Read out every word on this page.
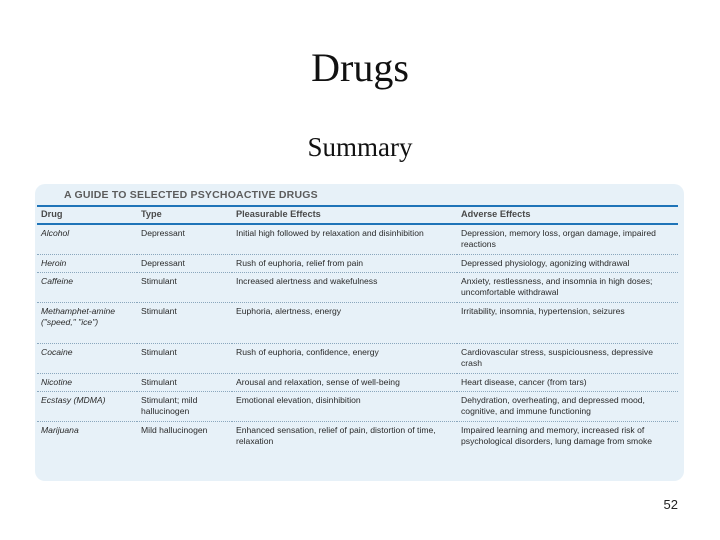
Drugs
Summary
A GUIDE TO SELECTED PSYCHOACTIVE DRUGS
Drug	Type	Pleasurable Effects	Adverse Effects
Alcohol	Depressant	Initial high followed by relaxation and disinhibition	Depression, memory loss, organ damage, impaired reactions
Heroin	Depressant	Rush of euphoria, relief from pain	Depressed physiology, agonizing withdrawal
Caffeine	Stimulant	Increased alertness and wakefulness	Anxiety, restlessness, and insomnia in high doses; uncomfortable withdrawal
Methamphet-amine ("speed," "ice")	Stimulant	Euphoria, alertness, energy	Irritability, insomnia, hypertension, seizures
Cocaine	Stimulant	Rush of euphoria, confidence, energy	Cardiovascular stress, suspiciousness, depressive crash
Nicotine	Stimulant	Arousal and relaxation, sense of well-being	Heart disease, cancer (from tars)
Ecstasy (MDMA)	Stimulant; mild hallucinogen	Emotional elevation, disinhibition	Dehydration, overheating, and depressed mood, cognitive, and immune functioning
Marijuana	Mild hallucinogen	Enhanced sensation, relief of pain, distortion of time, relaxation	Impaired learning and memory, increased risk of psychological disorders, lung damage from smoke
52
